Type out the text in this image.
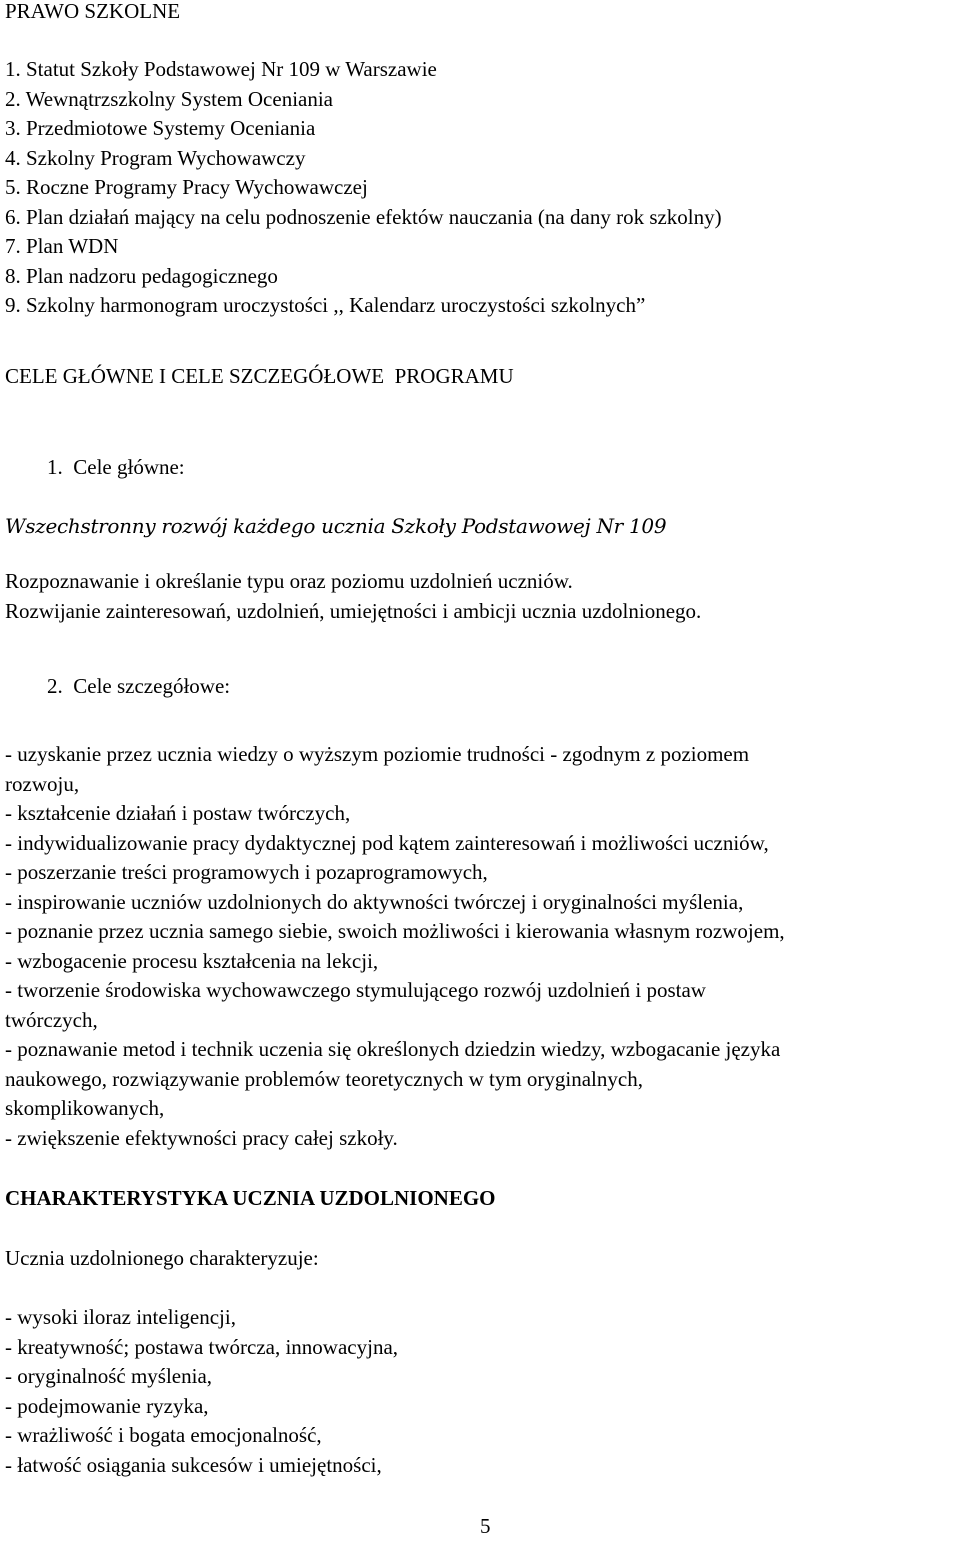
PRAWO SZKOLNE
1. Statut Szkoły Podstawowej Nr 109 w Warszawie
2. Wewnątrzszkolny System Oceniania
3. Przedmiotowe Systemy Oceniania
4. Szkolny Program Wychowawczy
5. Roczne Programy Pracy Wychowawczej
6. Plan działań mający na celu podnoszenie efektów nauczania (na dany rok szkolny)
7. Plan WDN
8. Plan nadzoru pedagogicznego
9. Szkolny harmonogram uroczystości ,, Kalendarz uroczystości szkolnych”
CELE GŁÓWNE I CELE SZCZEGÓŁOWE  PROGRAMU
1.  Cele główne:
Wszechstronny rozwój każdego ucznia Szkoły Podstawowej Nr 109
Rozpoznawanie i określanie typu oraz poziomu uzdolnień uczniów.
Rozwijanie zainteresowań, uzdolnień, umiejętności i ambicji ucznia uzdolnionego.
2.  Cele szczegółowe:
- uzyskanie przez ucznia wiedzy o wyższym poziomie trudności - zgodnym z poziomem
rozwoju,
- kształcenie działań i postaw twórczych,
- indywidualizowanie pracy dydaktycznej pod kątem zainteresowań i możliwości uczniów,
- poszerzanie treści programowych i pozaprogramowych,
- inspirowanie uczniów uzdolnionych do aktywności twórczej i oryginalności myślenia,
- poznanie przez ucznia samego siebie, swoich możliwości i kierowania własnym rozwojem,
- wzbogacenie procesu kształcenia na lekcji,
- tworzenie środowiska wychowawczego stymulującego rozwój uzdolnień i postaw
twórczych,
- poznawanie metod i technik uczenia się określonych dziedzin wiedzy, wzbogacanie języka
naukowego, rozwiązywanie problemów teoretycznych w tym oryginalnych,
skomplikowanych,
- zwiększenie efektywności pracy całej szkoły.
CHARAKTERYSTYKA UCZNIA UZDOLNIONEGO
Ucznia uzdolnionego charakteryzuje:
- wysoki iloraz inteligencji,
- kreatywność; postawa twórcza, innowacyjna,
- oryginalność myślenia,
- podejmowanie ryzyka,
- wrażliwość i bogata emocjonalność,
- łatwość osiągania sukcesów i umiejętności,
5
